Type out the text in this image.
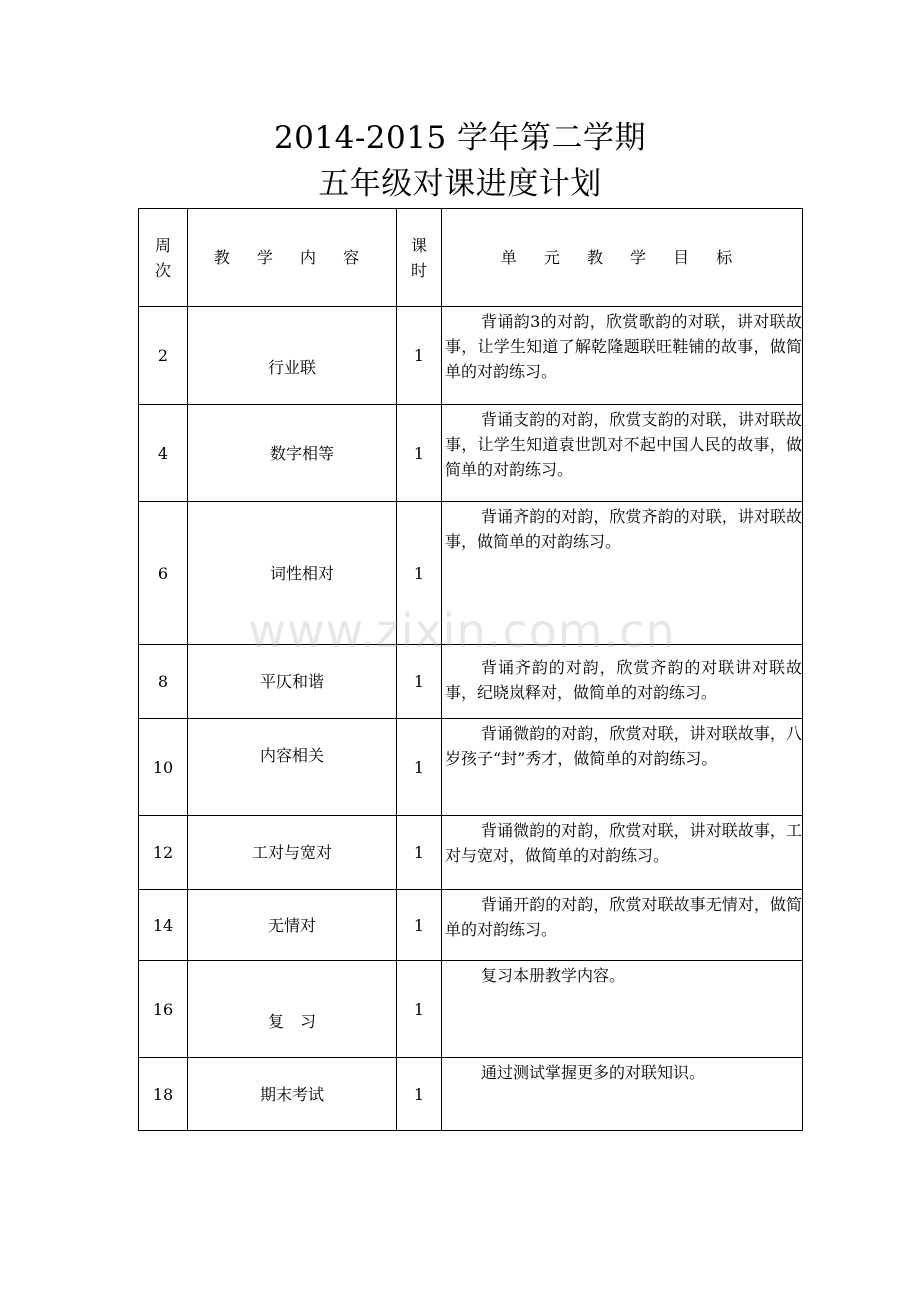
2014-2015 学年第二学期
五年级对课进度计划
周次	教 学 内 容	课时	单 元 教 学 目 标
2	行业联	1	背诵韵3的对韵，欣赏歌韵的对联，讲对联故事，让学生知道了解乾隆题联旺鞋铺的故事，做简单的对韵练习。

4	数字相等	1	背诵支韵的对韵，欣赏支韵的对联，讲对联故事，让学生知道袁世凯对不起中国人民的故事，做简单的对韵练习。

6	词性相对	1	背诵齐韵的对韵，欣赏齐韵的对联，讲对联故事，做简单的对韵练习。

8	平仄和谐	1	背诵齐韵的对韵，欣赏齐韵的对联讲对联故事，纪晓岚释对，做简单的对韵练习。

10	内容相关	1	背诵微韵的对韵，欣赏对联，讲对联故事，八岁孩子“封”秀才，做简单的对韵练习。

12	工对与宽对	1	背诵微韵的对韵，欣赏对联，讲对联故事，工对与宽对，做简单的对韵练习。

14	无情对	1	背诵开韵的对韵，欣赏对联故事无情对，做简单的对韵练习。

16	复　习	1	复习本册教学内容。

18	期末考试	1	通过测试掌握更多的对联知识。
www.zixin.com.cn
